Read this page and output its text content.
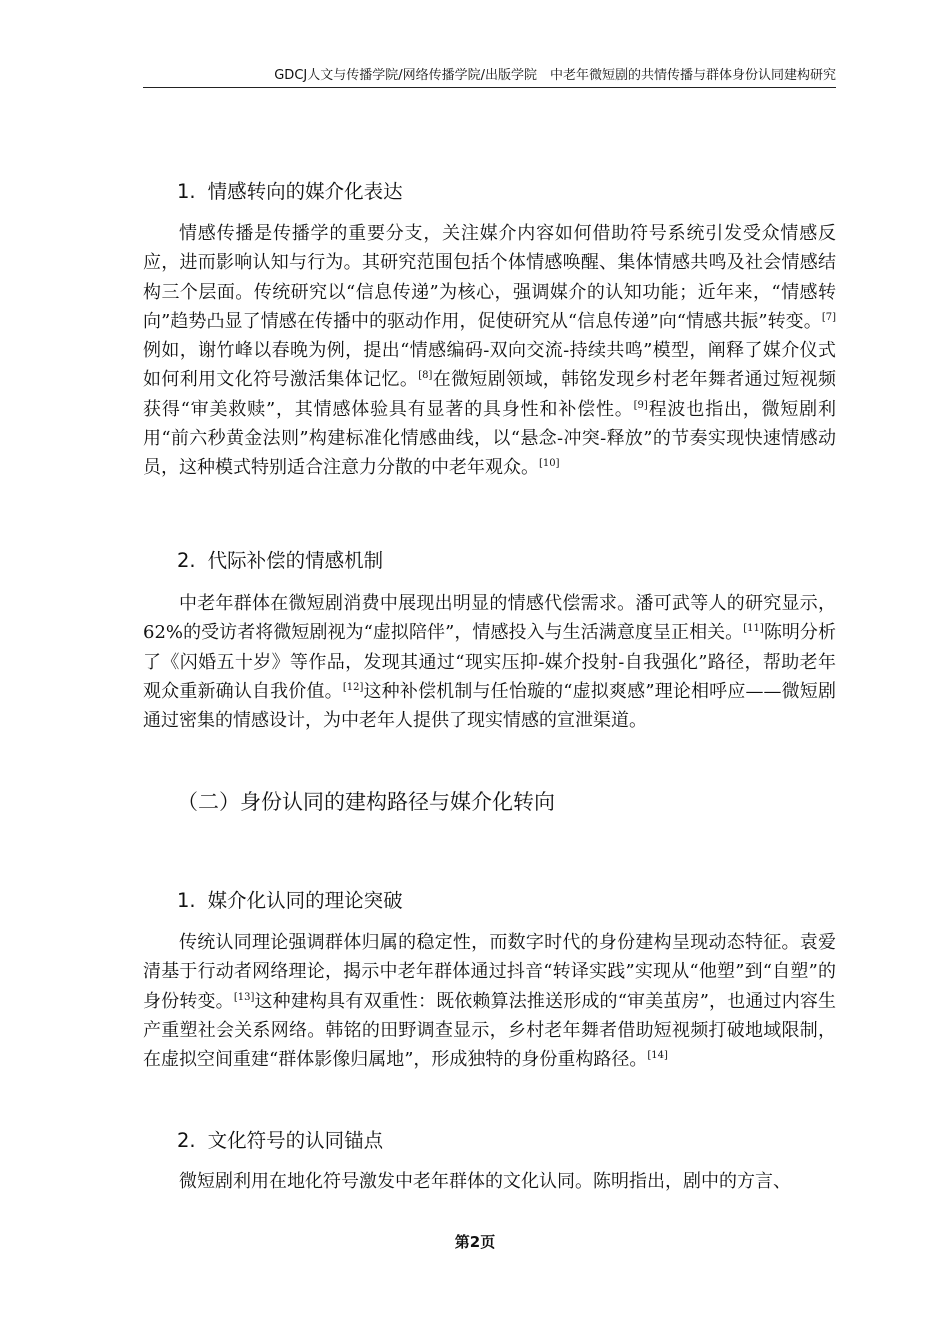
GDCJ人文与传播学院/网络传播学院/出版学院　中老年微短剧的共情传播与群体身份认同建构研究
1. 情感转向的媒介化表达

情感传播是传播学的重要分支，关注媒介内容如何借助符号系统引发受众情感反应，进而影响认知与行为。其研究范围包括个体情感唤醒、集体情感共鸣及社会情感结构三个层面。传统研究以“信息传递”为核心，强调媒介的认知功能；近年来，“情感转向”趋势凸显了情感在传播中的驱动作用，促使研究从“信息传递”向“情感共振”转变。[7]例如，谢竹峰以春晚为例，提出“情感编码-双向交流-持续共鸣”模型，阐释了媒介仪式如何利用文化符号激活集体记忆。[8]在微短剧领域，韩铭发现乡村老年舞者通过短视频获得“审美救赎”，其情感体验具有显著的具身性和补偿性。[9]程波也指出，微短剧利用“前六秒黄金法则”构建标准化情感曲线，以“悬念-冲突-释放”的节奏实现快速情感动员，这种模式特别适合注意力分散的中老年观众。[10]

2. 代际补偿的情感机制

中老年群体在微短剧消费中展现出明显的情感代偿需求。潘可武等人的研究显示，62%的受访者将微短剧视为“虚拟陪伴”，情感投入与生活满意度呈正相关。[11]陈明分析了《闪婚五十岁》等作品，发现其通过“现实压抑-媒介投射-自我强化”路径，帮助老年观众重新确认自我价值。[12]这种补偿机制与任怡璇的“虚拟爽感”理论相呼应——微短剧通过密集的情感设计，为中老年人提供了现实情感的宣泄渠道。

（二）身份认同的建构路径与媒介化转向
1. 媒介化认同的理论突破

传统认同理论强调群体归属的稳定性，而数字时代的身份建构呈现动态特征。袁爱清基于行动者网络理论，揭示中老年群体通过抖音“转译实践”实现从“他塑”到“自塑”的身份转变。[13]这种建构具有双重性：既依赖算法推送形成的“审美茧房”，也通过内容生产重塑社会关系网络。韩铭的田野调查显示，乡村老年舞者借助短视频打破地域限制，在虚拟空间重建“群体影像归属地”，形成独特的身份重构路径。[14]

2. 文化符号的认同锚点

微短剧利用在地化符号激发中老年群体的文化认同。陈明指出，剧中的方言、

第2页
